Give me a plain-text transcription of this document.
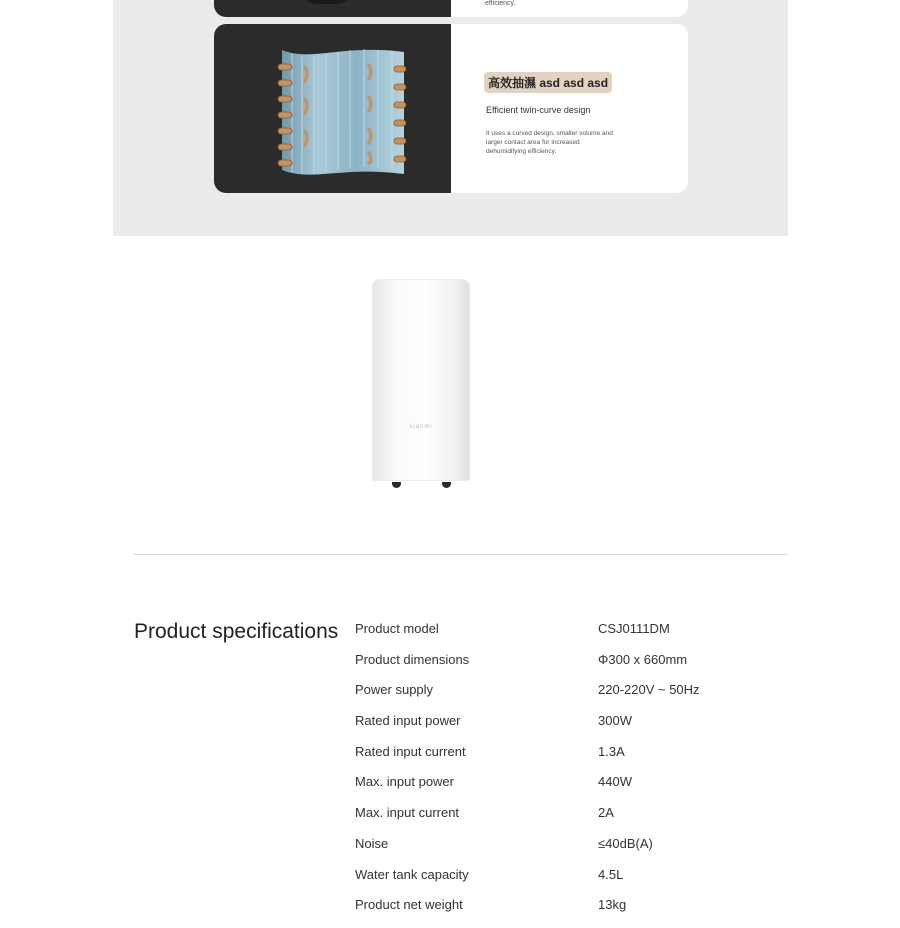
efficiency.
高效抽濕 asd asd asd
Efficient twin-curve design
It uses a curved design, smaller volume and larger contact area for increased dehumidifying efficiency.
xiaomi
Product specifications Product model	CSJ0111DM
Product dimensions	Φ300 x 660mm
Power supply	220-220V ~ 50Hz
Rated input power	300W
Rated input current	1.3A
Max. input power	440W
Max. input current	2A
Noise	≤40dB(A)
Water tank capacity	4.5L
Product net weight	13kg
